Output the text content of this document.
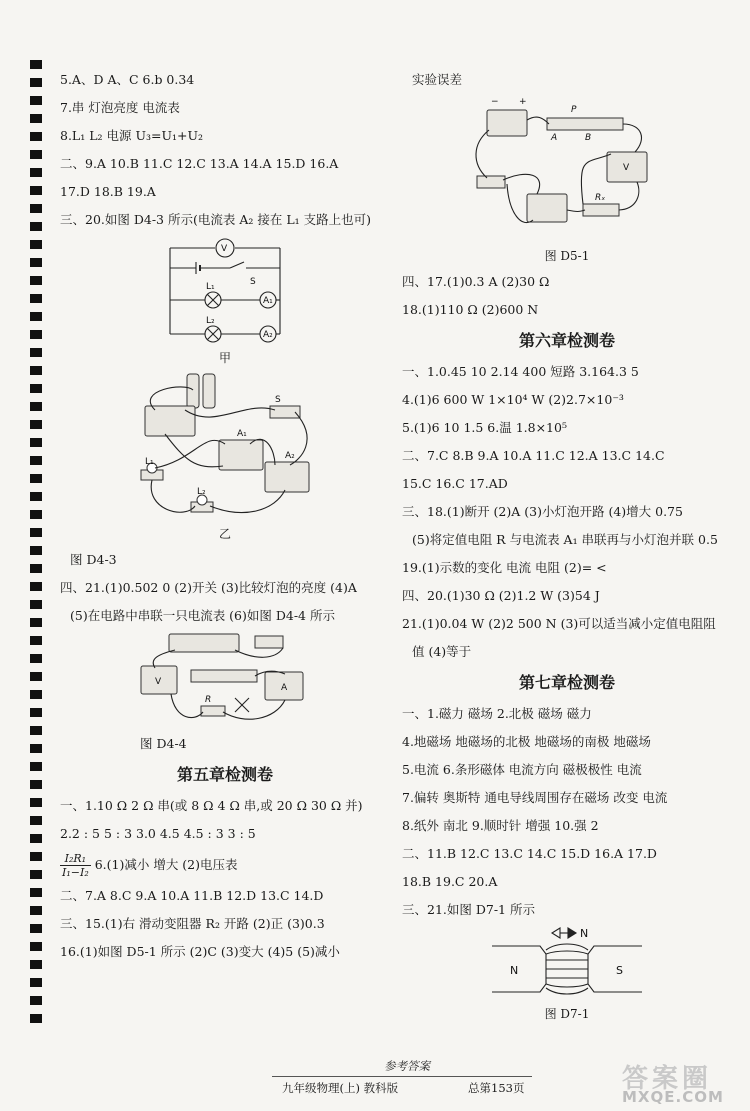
5.A、D A、C 6.b 0.34
7.串 灯泡亮度 电流表
8.L₁ L₂ 电源 U₃=U₁+U₂
二、9.A 10.B 11.C 12.C 13.A 14.A 15.D 16.A
17.D 18.B 19.A
三、20.如图 D4-3 所示(电流表 A₂ 接在 L₁ 支路上也可)
V
S
L₁
L₂
A₁
A₂
甲
L₁
L₂
A₁
A₂
S
乙
图 D4-3
四、21.(1)0.502 0 (2)开关 (3)比较灯泡的亮度 (4)A
(5)在电路中串联一只电流表 (6)如图 D4-4 所示
V
A
R
图 D4-4
第五章检测卷
一、1.10 Ω 2 Ω 串(或 8 Ω 4 Ω 串,或 20 Ω 30 Ω 并)
2.2 : 5 5 : 3 3.0 4.5 4.5 : 3 3 : 5
$\frac{\text{I₂R₁}}{\text{I₁−I₂}} 6.(1)$减小 增大 (2)电压表
二、7.A 8.C 9.A 10.A 11.B 12.D 13.C 14.D
三、15.(1)右 滑动变阻器 R₂ 开路 (2)正 (3)0.3
16.(1)如图 D5-1 所示 (2)C (3)变大 (4)5 (5)减小
实验误差
P
A	B
V
Rₓ
− +
图 D5-1
四、17.(1)0.3 A (2)30 Ω
18.(1)110 Ω (2)600 N
第六章检测卷
一、1.0.45 10 2.14 400 短路 3.164.3 5
4.(1)6 600 W 1×10⁴ W (2)2.7×10⁻³
5.(1)6 10 1.5 6.温 1.8×10⁵
二、7.C 8.B 9.A 10.A 11.C 12.A 13.C 14.C
15.C 16.C 17.AD
三、18.(1)断开 (2)A (3)小灯泡开路 (4)增大 0.75
(5)将定值电阻 R 与电流表 A₁ 串联再与小灯泡并联 0.5
19.(1)示数的变化 电流 电阻 (2)= <
四、20.(1)30 Ω (2)1.2 W (3)54 J
21.(1)0.04 W (2)2 500 N (3)可以适当减小定值电阻阻
值 (4)等于
第七章检测卷
一、1.磁力 磁场 2.北极 磁场 磁力
4.地磁场 地磁场的北极 地磁场的南极 地磁场
5.电流 6.条形磁体 电流方向 磁极极性 电流
7.偏转 奥斯特 通电导线周围存在磁场 改变 电流
8.纸外 南北 9.顺时针 增强 10.强 2
二、11.B 12.C 13.C 14.C 15.D 16.A 17.D
18.B 19.C 20.A
三、21.如图 D7-1 所示
N
N	S
图 D7-1
参考答案
九年级物理(上) 教科版	总第153页	答案圈
MXQE.COM
